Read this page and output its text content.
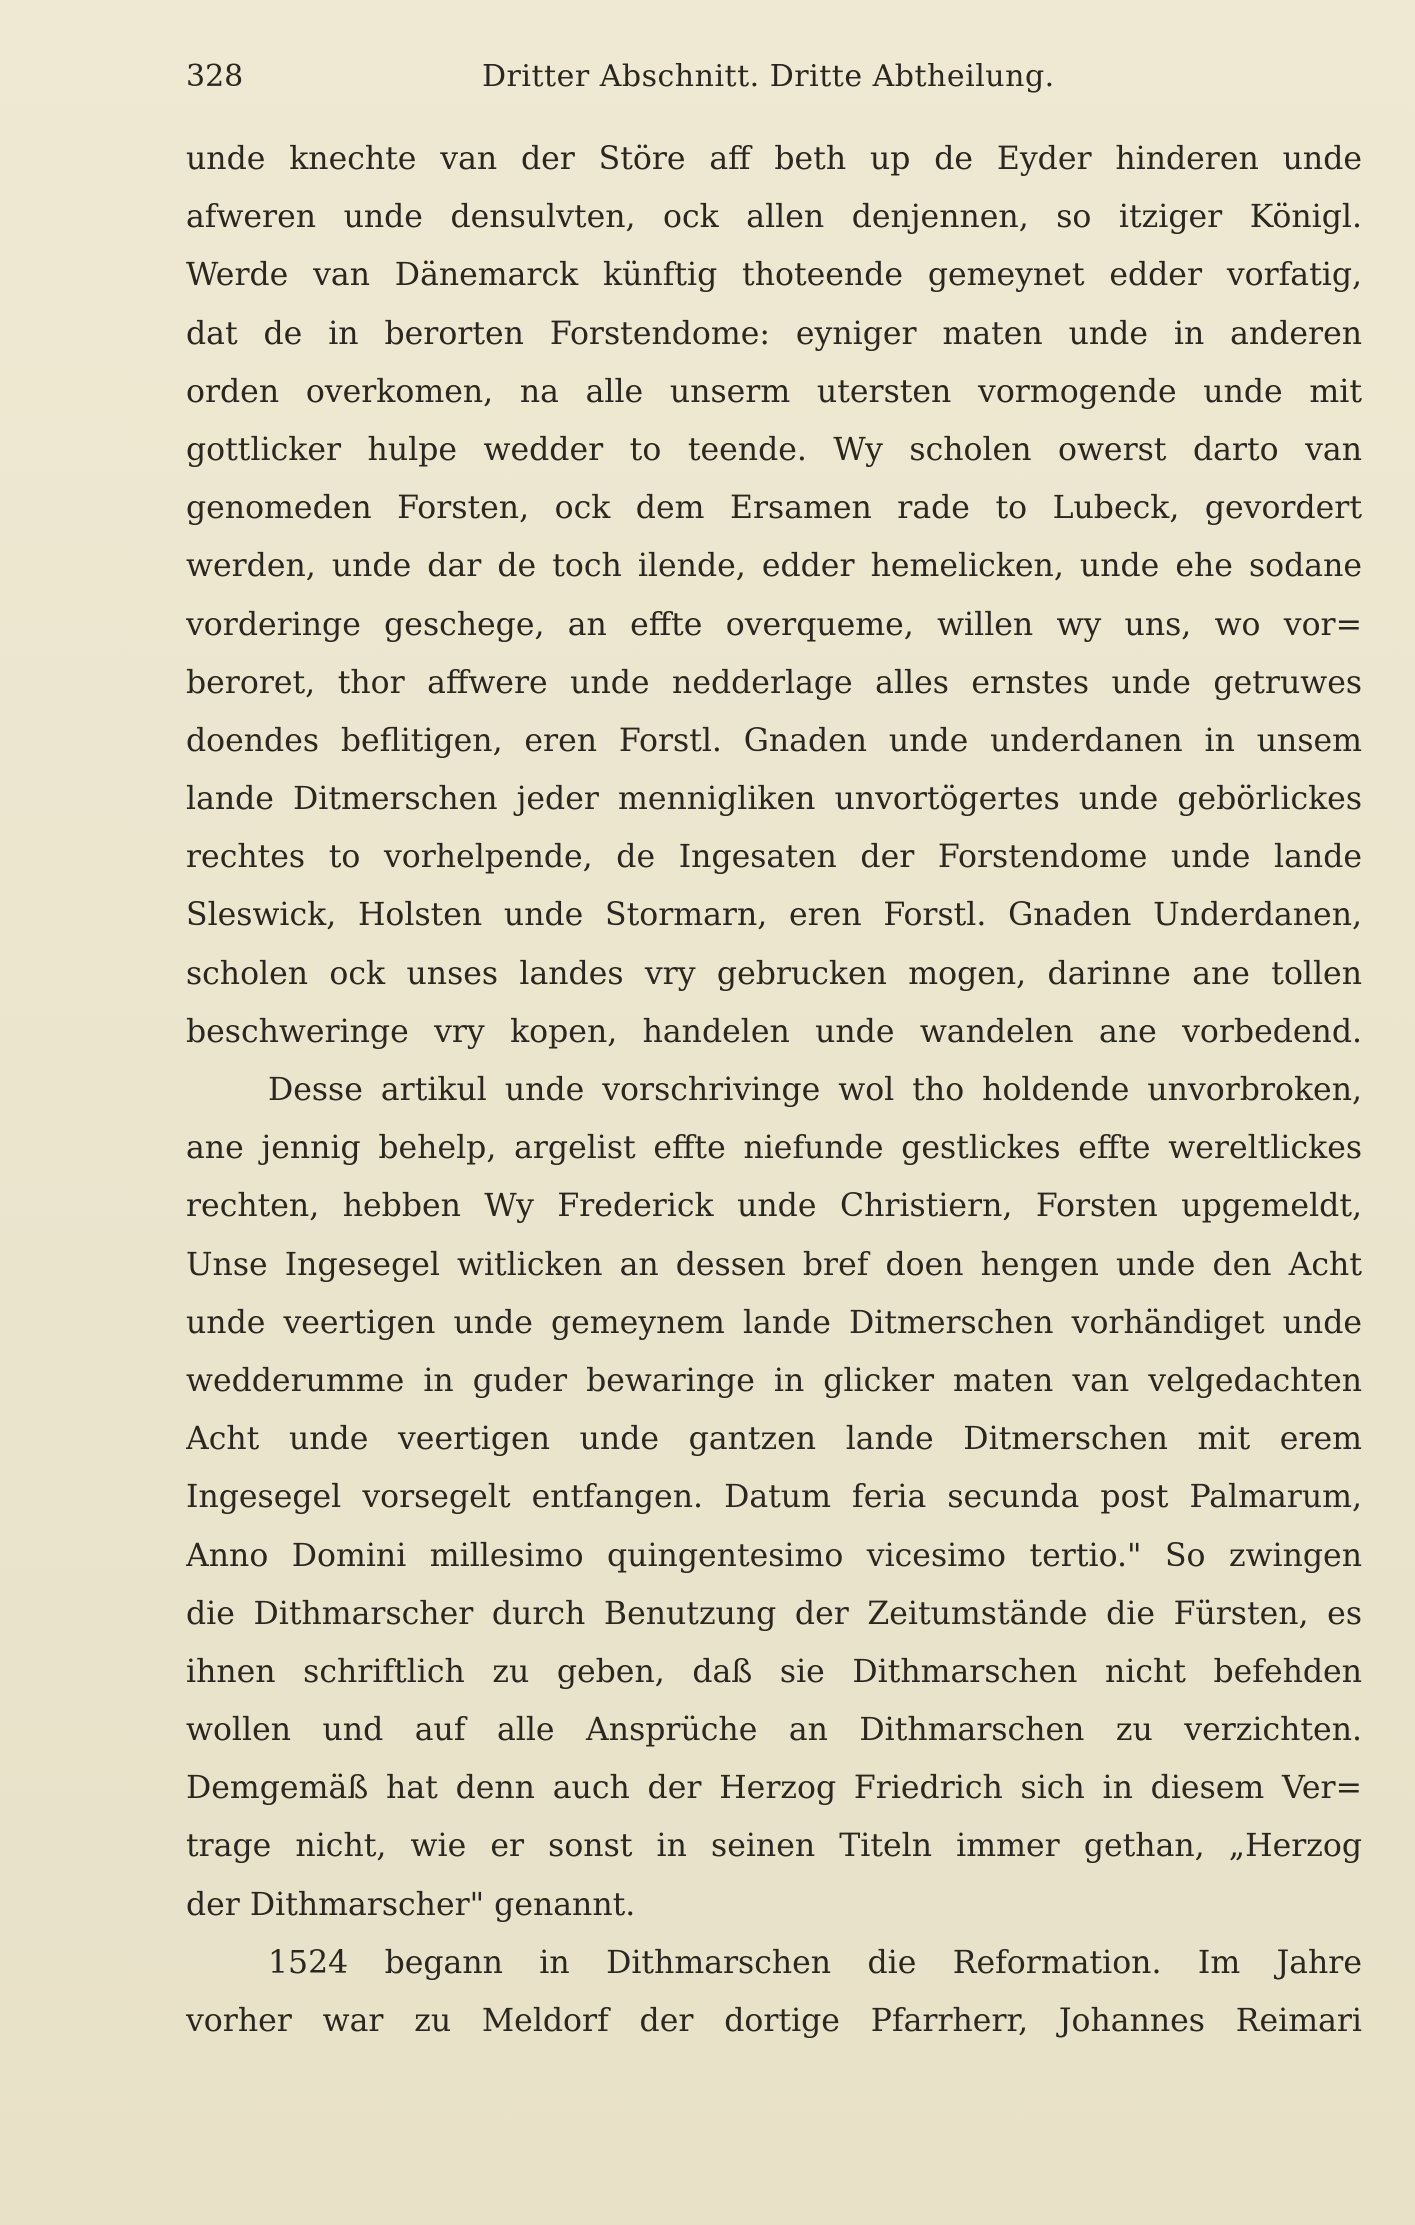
328	Dritter Abschnitt. Dritte Abtheilung.
unde knechte van der Störe aff beth up de Eyder hinderen unde
afweren unde densulvten, ock allen denjennen, so itziger Königl.
Werde van Dänemarck künftig thoteende gemeynet edder vorfatig,
dat de in berorten Forstendome: eyniger maten unde in anderen
orden overkomen, na alle unserm utersten vormogende unde mit
gottlicker hulpe wedder to teende. Wy scholen owerst darto van
genomeden Forsten, ock dem Ersamen rade to Lubeck, gevordert
werden, unde dar de toch ilende, edder hemelicken, unde ehe sodane
vorderinge geschege, an effte overqueme, willen wy uns, wo vor=
beroret, thor affwere unde nedderlage alles ernstes unde getruwes
doendes beflitigen, eren Forstl. Gnaden unde underdanen in unsem
lande Ditmerschen jeder mennigliken unvortögertes unde gebörlickes
rechtes to vorhelpende, de Ingesaten der Forstendome unde lande
Sleswick, Holsten unde Stormarn, eren Forstl. Gnaden Underdanen,
scholen ock unses landes vry gebrucken mogen, darinne ane tollen
beschweringe vry kopen, handelen unde wandelen ane vorbedend.
Desse artikul unde vorschrivinge wol tho holdende unvorbroken,
ane jennig behelp, argelist effte niefunde gestlickes effte wereltlickes
rechten, hebben Wy Frederick unde Christiern, Forsten upgemeldt,
Unse Ingesegel witlicken an dessen bref doen hengen unde den Acht
unde veertigen unde gemeynem lande Ditmerschen vorhändiget unde
wedderumme in guder bewaringe in glicker maten van velgedachten
Acht unde veertigen unde gantzen lande Ditmerschen mit erem
Ingesegel vorsegelt entfangen. Datum feria secunda post Palmarum,
Anno Domini millesimo quingentesimo vicesimo tertio." So zwingen
die Dithmarscher durch Benutzung der Zeitumstände die Fürsten, es
ihnen schriftlich zu geben, daß sie Dithmarschen nicht befehden
wollen und auf alle Ansprüche an Dithmarschen zu verzichten.
Demgemäß hat denn auch der Herzog Friedrich sich in diesem Ver=
trage nicht, wie er sonst in seinen Titeln immer gethan, „Herzog
der Dithmarscher" genannt.
1524 begann in Dithmarschen die Reformation. Im Jahre
vorher war zu Meldorf der dortige Pfarrherr, Johannes Reimari
